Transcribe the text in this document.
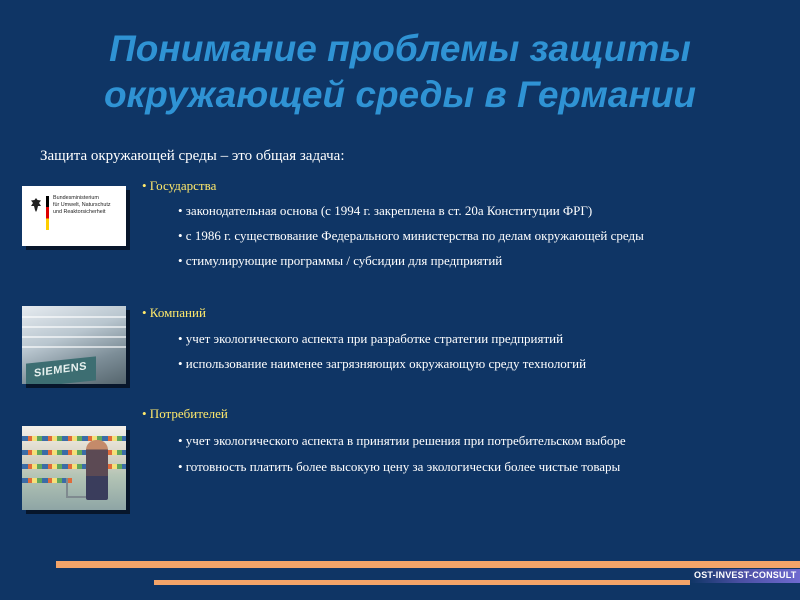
Понимание проблемы защиты
окружающей среды в Германии
Защита окружающей среды – это общая задача:
Bundesministerium
für Umwelt, Naturschutz
und Reaktorsicherheit
• Государства
• законодательная основа (с 1994 г. закреплена в ст. 20а Конституции ФРГ)
• с 1986 г. существование Федерального министерства по делам окружающей среды
• стимулирующие программы / субсидии для предприятий
SIEMENS
• Компаний
• учет экологического аспекта при разработке стратегии предприятий
• использование наименее загрязняющих окружающую среду технологий
• Потребителей
• учет экологического аспекта в принятии решения при потребительском выборе
• готовность платить более высокую цену за экологически более чистые товары
OST-INVEST-CONSULT
